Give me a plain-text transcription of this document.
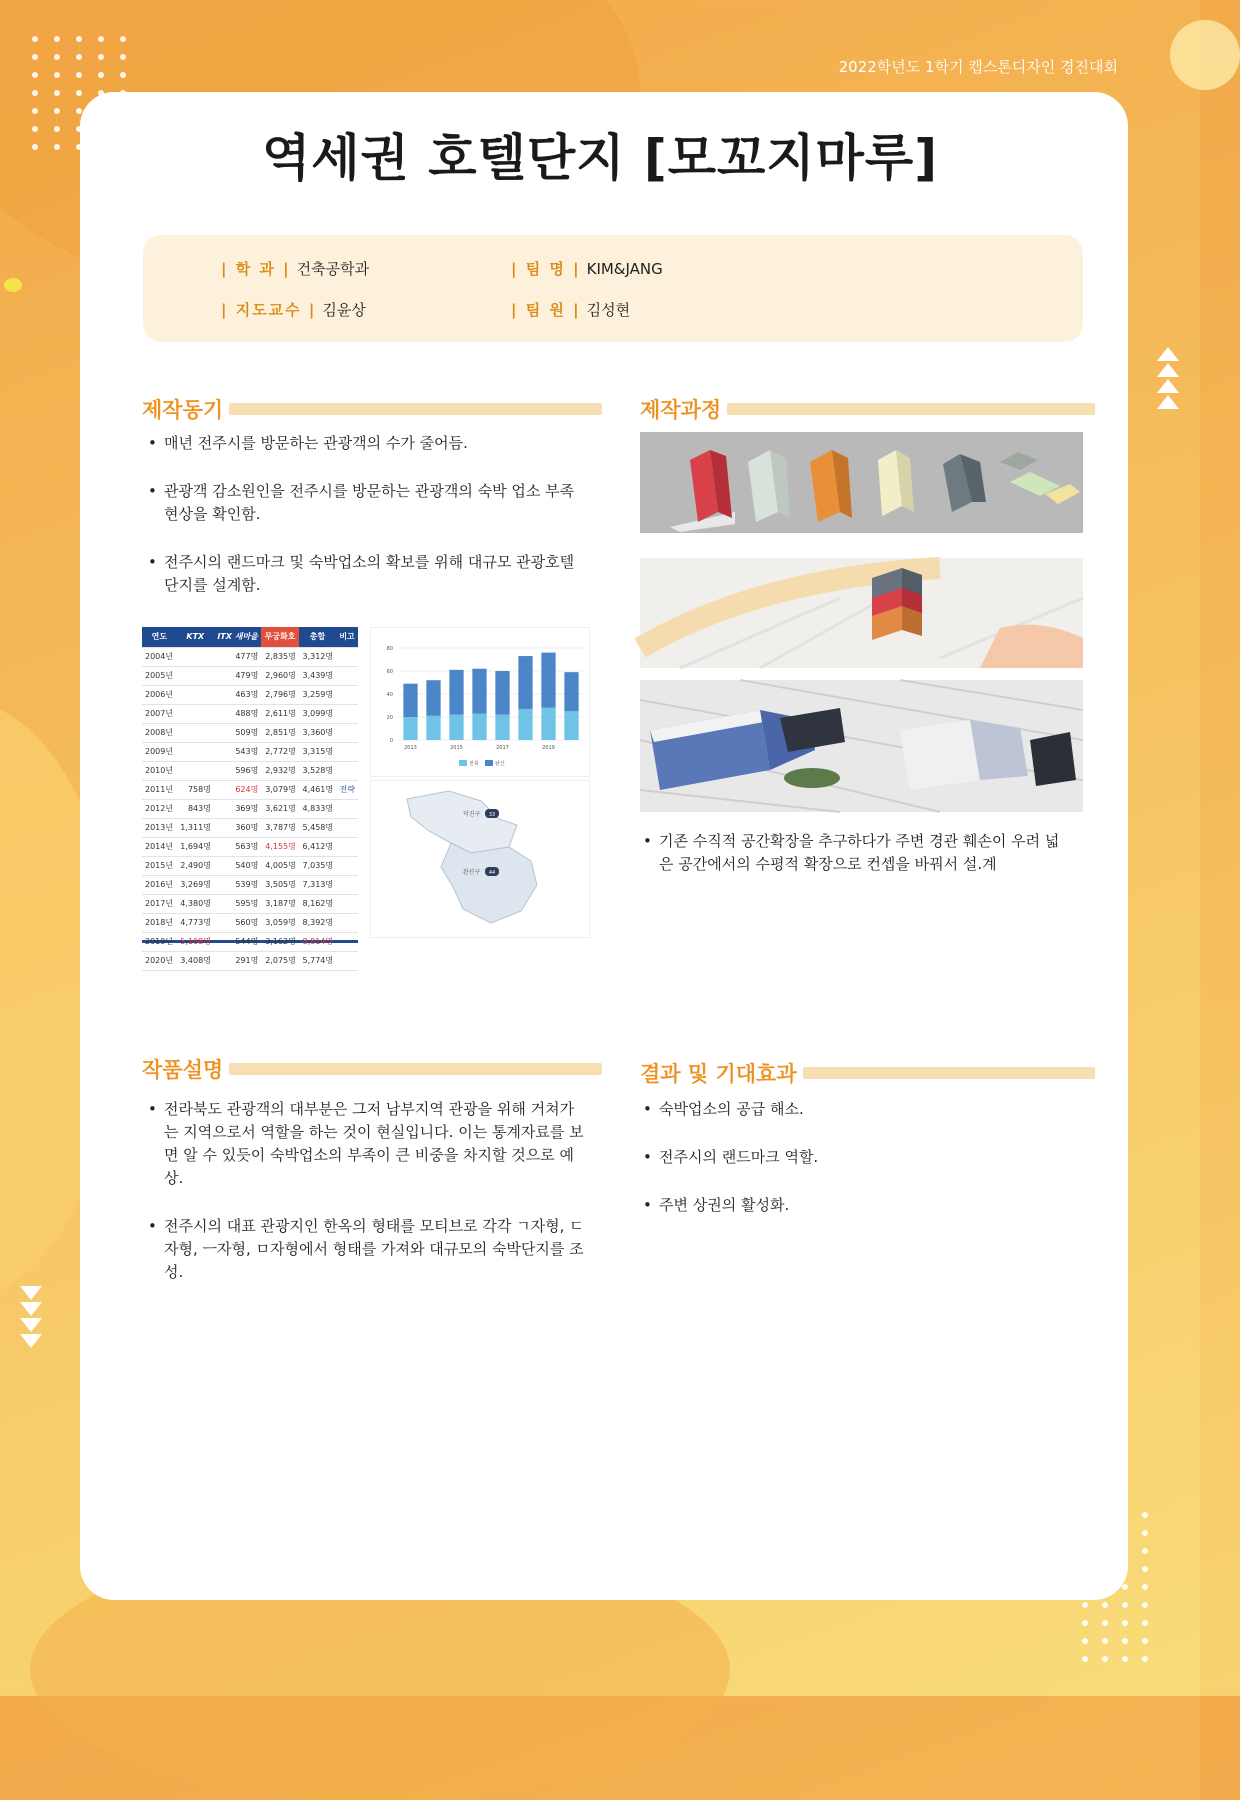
2022학년도 1학기 캡스톤디자인 경진대회
역세권 호텔단지 [모꼬지마루]
| 학 과 | 건축공학과	| 팀 명 | KIM&JANG
| 지도교수 | 김윤상	| 팀 원 | 김성현
제작동기
• 매년 전주시를 방문하는 관광객의 수가 줄어듬.
• 관광객 감소원인을 전주시를 방문하는 관광객의 숙박 업소 부족현상을 확인함.
• 전주시의 랜드마크 및 숙박업소의 확보를 위해 대규모 관광호텔 단지를 설계함.
연도	KTX	ITX 새마을	무궁화호	총합	비고
2004년		477명	2,835명	3,312명	
2005년		479명	2,960명	3,439명	
2006년		463명	2,796명	3,259명	
2007년		488명	2,611명	3,099명	
2008년		509명	2,851명	3,360명	
2009년		543명	2,772명	3,315명	
2010년		596명	2,932명	3,528명	
2011년	758명	624명	3,079명	4,461명	전략
2012년	843명	369명	3,621명	4,833명	
2013년	1,311명	360명	3,787명	5,458명	
2014년	1,694명	563명	4,155명	6,412명	
2015년	2,490명	540명	4,005명	7,035명	
2016년	3,269명	539명	3,505명	7,313명	
2017년	4,380명	595명	3,187명	8,162명	
2018년	4,773명	560명	3,059명	8,392명	
2019년	5,108명	544명	3,162명	8,814명	
2020년	3,408명	291명	2,075명	5,774명	
0
20
40
60
80
2013	2015	2017	2019
전북	완산
덕진구 33
완산구 44
제작과정
• 기존 수직적 공간확장을 추구하다가 주변 경관 훼손이 우려 넓은 공간에서의 수평적 확장으로 컨셉을 바꿔서 설.계
작품설명
• 전라북도 관광객의 대부분은 그저 남부지역 관광을 위해 거쳐가는 지역으로서 역할을 하는 것이 현실입니다. 이는 통계자료를 보면 알 수 있듯이 숙박업소의 부족이 큰 비중을 차지할 것으로 예상.
• 전주시의 대표 관광지인 한옥의 형태를 모티브로 각각 ㄱ자형, ㄷ자형, ㅡ자형, ㅁ자형에서 형태를 가져와 대규모의 숙박단지를 조성.
결과 및 기대효과
• 숙박업소의 공급 해소.
• 전주시의 랜드마크 역할.
• 주변 상권의 활성화.
